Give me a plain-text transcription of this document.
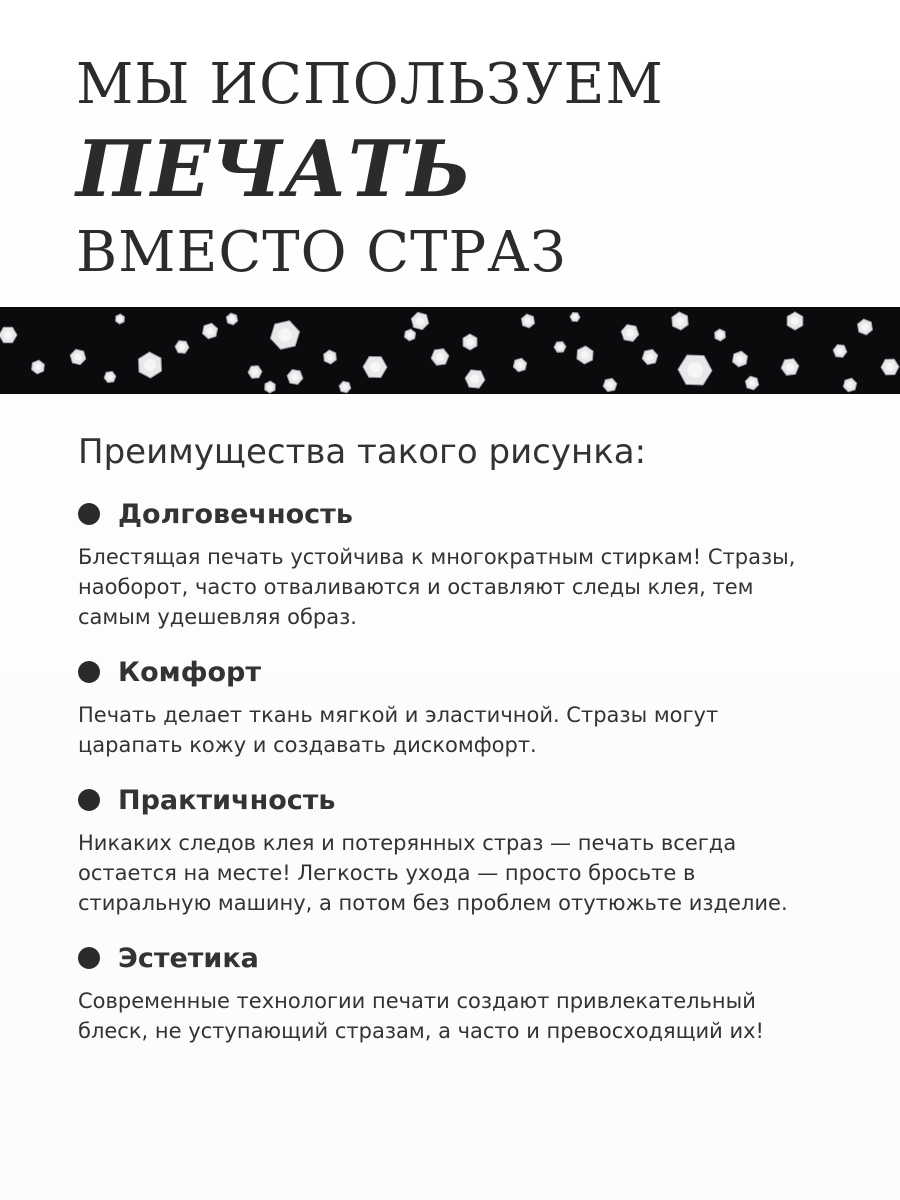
МЫ ИСПОЛЬЗУЕМ
ПЕЧАТЬ
ВМЕСТО СТРАЗ
Преимущества такого рисунка:
Долговечность
Блестящая печать устойчива к многократным стиркам! Стразы, наоборот, часто отваливаются и оставляют следы клея, тем самым удешевляя образ.
Комфорт
Печать делает ткань мягкой и эластичной. Стразы могут царапать кожу и создавать дискомфорт.
Практичность
Никаких следов клея и потерянных страз — печать всегда остается на месте! Легкость ухода — просто бросьте в стиральную машину, а потом без проблем отутюжьте изделие.
Эстетика
Современные технологии печати создают привлекательный блеск, не уступающий стразам, а часто и превосходящий их!
